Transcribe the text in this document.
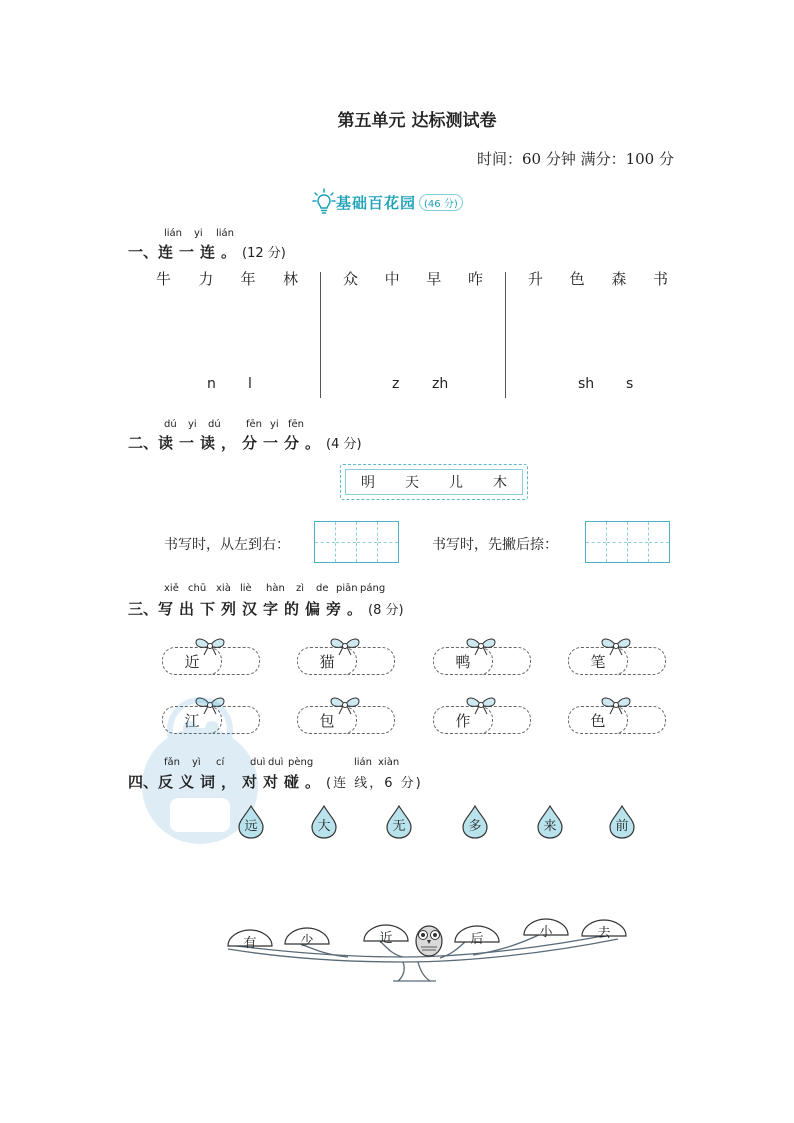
第五单元 达标测试卷
时间：60 分钟 满分：100 分
基础百花园 (46 分)
lián yi lián
一、连一连。(12 分)
牛 力 年 林	众 中 早 咋	升 色 森 书
n l	z zh	sh s
dú yi dú	fēn yi fēn
二、读一读，分一分。(4 分)
明 天 儿 木
书写时，从左到右：	书写时，先撇后捺：
xiě chū xià liè hàn zì de piān páng
三、写出下列汉字的偏旁。(8 分)
近	猫	鸭	笔
江	包	作	色
fǎn yì cí	duì duì pèng	lián xiàn
四、反义词，对对碰。(连 线，6 分)
远	大	无	多	来	前
有	少	近	后	小	去
